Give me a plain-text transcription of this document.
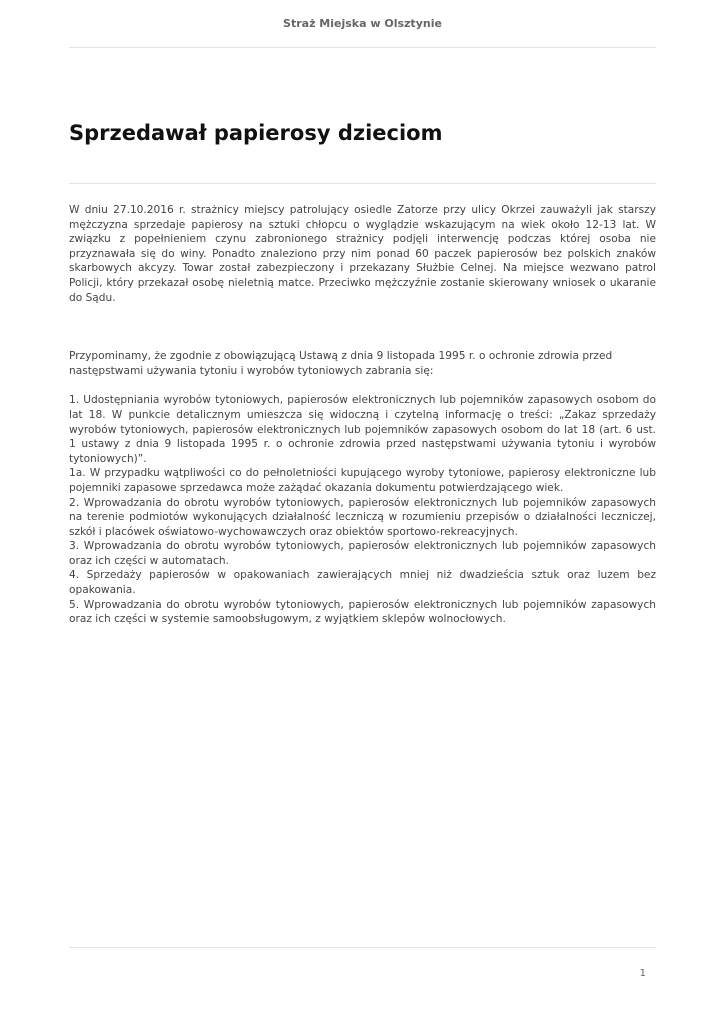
Straż Miejska w Olsztynie
Sprzedawał papierosy dzieciom

W dniu 27.10.2016 r. strażnicy miejscy patrolujący osiedle Zatorze przy ulicy Okrzei zauważyli jak starszy mężczyzna sprzedaje papierosy na sztuki chłopcu o wyglądzie wskazującym na wiek około 12-13 lat. W związku z popełnieniem czynu zabronionego strażnicy podjęli interwencję podczas której osoba nie przyznawała się do winy. Ponadto znaleziono przy nim ponad 60 paczek papierosów bez polskich znaków skarbowych akcyzy. Towar został zabezpieczony i przekazany Służbie Celnej. Na miejsce wezwano patrol Policji, który przekazał osobę nieletnią matce. Przeciwko mężczyźnie zostanie skierowany wniosek o ukaranie do Sądu.

Przypominamy, że zgodnie z obowiązującą Ustawą z dnia 9 listopada 1995 r. o ochronie zdrowia przed następstwami używania tytoniu i wyrobów tytoniowych zabrania się:

1. Udostępniania wyrobów tytoniowych, papierosów elektronicznych lub pojemników zapasowych osobom do lat 18. W punkcie detalicznym umieszcza się widoczną i czytelną informację o treści: „Zakaz sprzedaży wyrobów tytoniowych, papierosów elektronicznych lub pojemników zapasowych osobom do lat 18 (art. 6 ust. 1 ustawy z dnia 9 listopada 1995 r. o ochronie zdrowia przed następstwami używania tytoniu i wyrobów tytoniowych)”.

1a. W przypadku wątpliwości co do pełnoletniości kupującego wyroby tytoniowe, papierosy elektroniczne lub pojemniki zapasowe sprzedawca może zażądać okazania dokumentu potwierdzającego wiek.

2. Wprowadzania do obrotu wyrobów tytoniowych, papierosów elektronicznych lub pojemników zapasowych na terenie podmiotów wykonujących działalność leczniczą w rozumieniu przepisów o działalności leczniczej, szkół i placówek oświatowo-wychowawczych oraz obiektów sportowo-rekreacyjnych.

3. Wprowadzania do obrotu wyrobów tytoniowych, papierosów elektronicznych lub pojemników zapasowych oraz ich części w automatach.

4. Sprzedaży papierosów w opakowaniach zawierających mniej niż dwadzieścia sztuk oraz luzem bez opakowania.

5. Wprowadzania do obrotu wyrobów tytoniowych, papierosów elektronicznych lub pojemników zapasowych oraz ich części w systemie samoobsługowym, z wyjątkiem sklepów wolnocłowych.

1
